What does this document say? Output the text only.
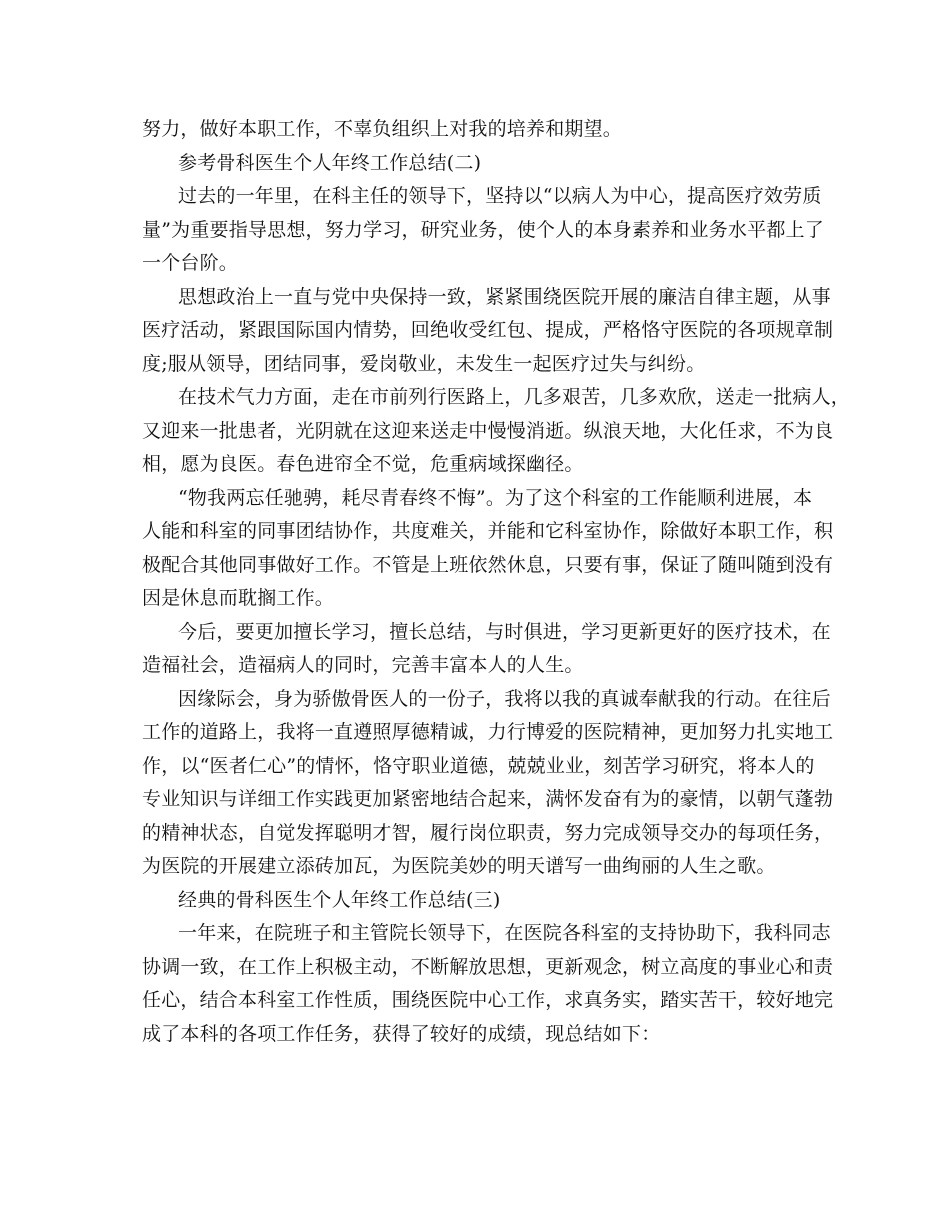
努力，做好本职工作，不辜负组织上对我的培养和期望。
参考骨科医生个人年终工作总结(二)
过去的一年里，在科主任的领导下，坚持以“以病人为中心，提高医疗效劳质
量”为重要指导思想，努力学习，研究业务，使个人的本身素养和业务水平都上了
一个台阶。
思想政治上一直与党中央保持一致，紧紧围绕医院开展的廉洁自律主题，从事
医疗活动，紧跟国际国内情势，回绝收受红包、提成，严格恪守医院的各项规章制
度;服从领导，团结同事，爱岗敬业，未发生一起医疗过失与纠纷。
在技术气力方面，走在市前列行医路上，几多艰苦，几多欢欣，送走一批病人，
又迎来一批患者，光阴就在这迎来送走中慢慢消逝。纵浪天地，大化任求，不为良
相，愿为良医。春色进帘全不觉，危重病域探幽径。
“物我两忘任驰骋，耗尽青春终不悔”。为了这个科室的工作能顺利进展，本
人能和科室的同事团结协作，共度难关，并能和它科室协作，除做好本职工作，积
极配合其他同事做好工作。不管是上班依然休息，只要有事，保证了随叫随到没有
因是休息而耽搁工作。
今后，要更加擅长学习，擅长总结，与时俱进，学习更新更好的医疗技术，在
造福社会，造福病人的同时，完善丰富本人的人生。
因缘际会，身为骄傲骨医人的一份子，我将以我的真诚奉献我的行动。在往后
工作的道路上，我将一直遵照厚德精诚，力行博爱的医院精神，更加努力扎实地工
作，以“医者仁心”的情怀，恪守职业道德，兢兢业业，刻苦学习研究，将本人的
专业知识与详细工作实践更加紧密地结合起来，满怀发奋有为的豪情，以朝气蓬勃
的精神状态，自觉发挥聪明才智，履行岗位职责，努力完成领导交办的每项任务，
为医院的开展建立添砖加瓦，为医院美妙的明天谱写一曲绚丽的人生之歌。
经典的骨科医生个人年终工作总结(三)
一年来，在院班子和主管院长领导下，在医院各科室的支持协助下，我科同志
协调一致，在工作上积极主动，不断解放思想，更新观念，树立高度的事业心和责
任心，结合本科室工作性质，围绕医院中心工作，求真务实，踏实苦干，较好地完
成了本科的各项工作任务，获得了较好的成绩，现总结如下：
